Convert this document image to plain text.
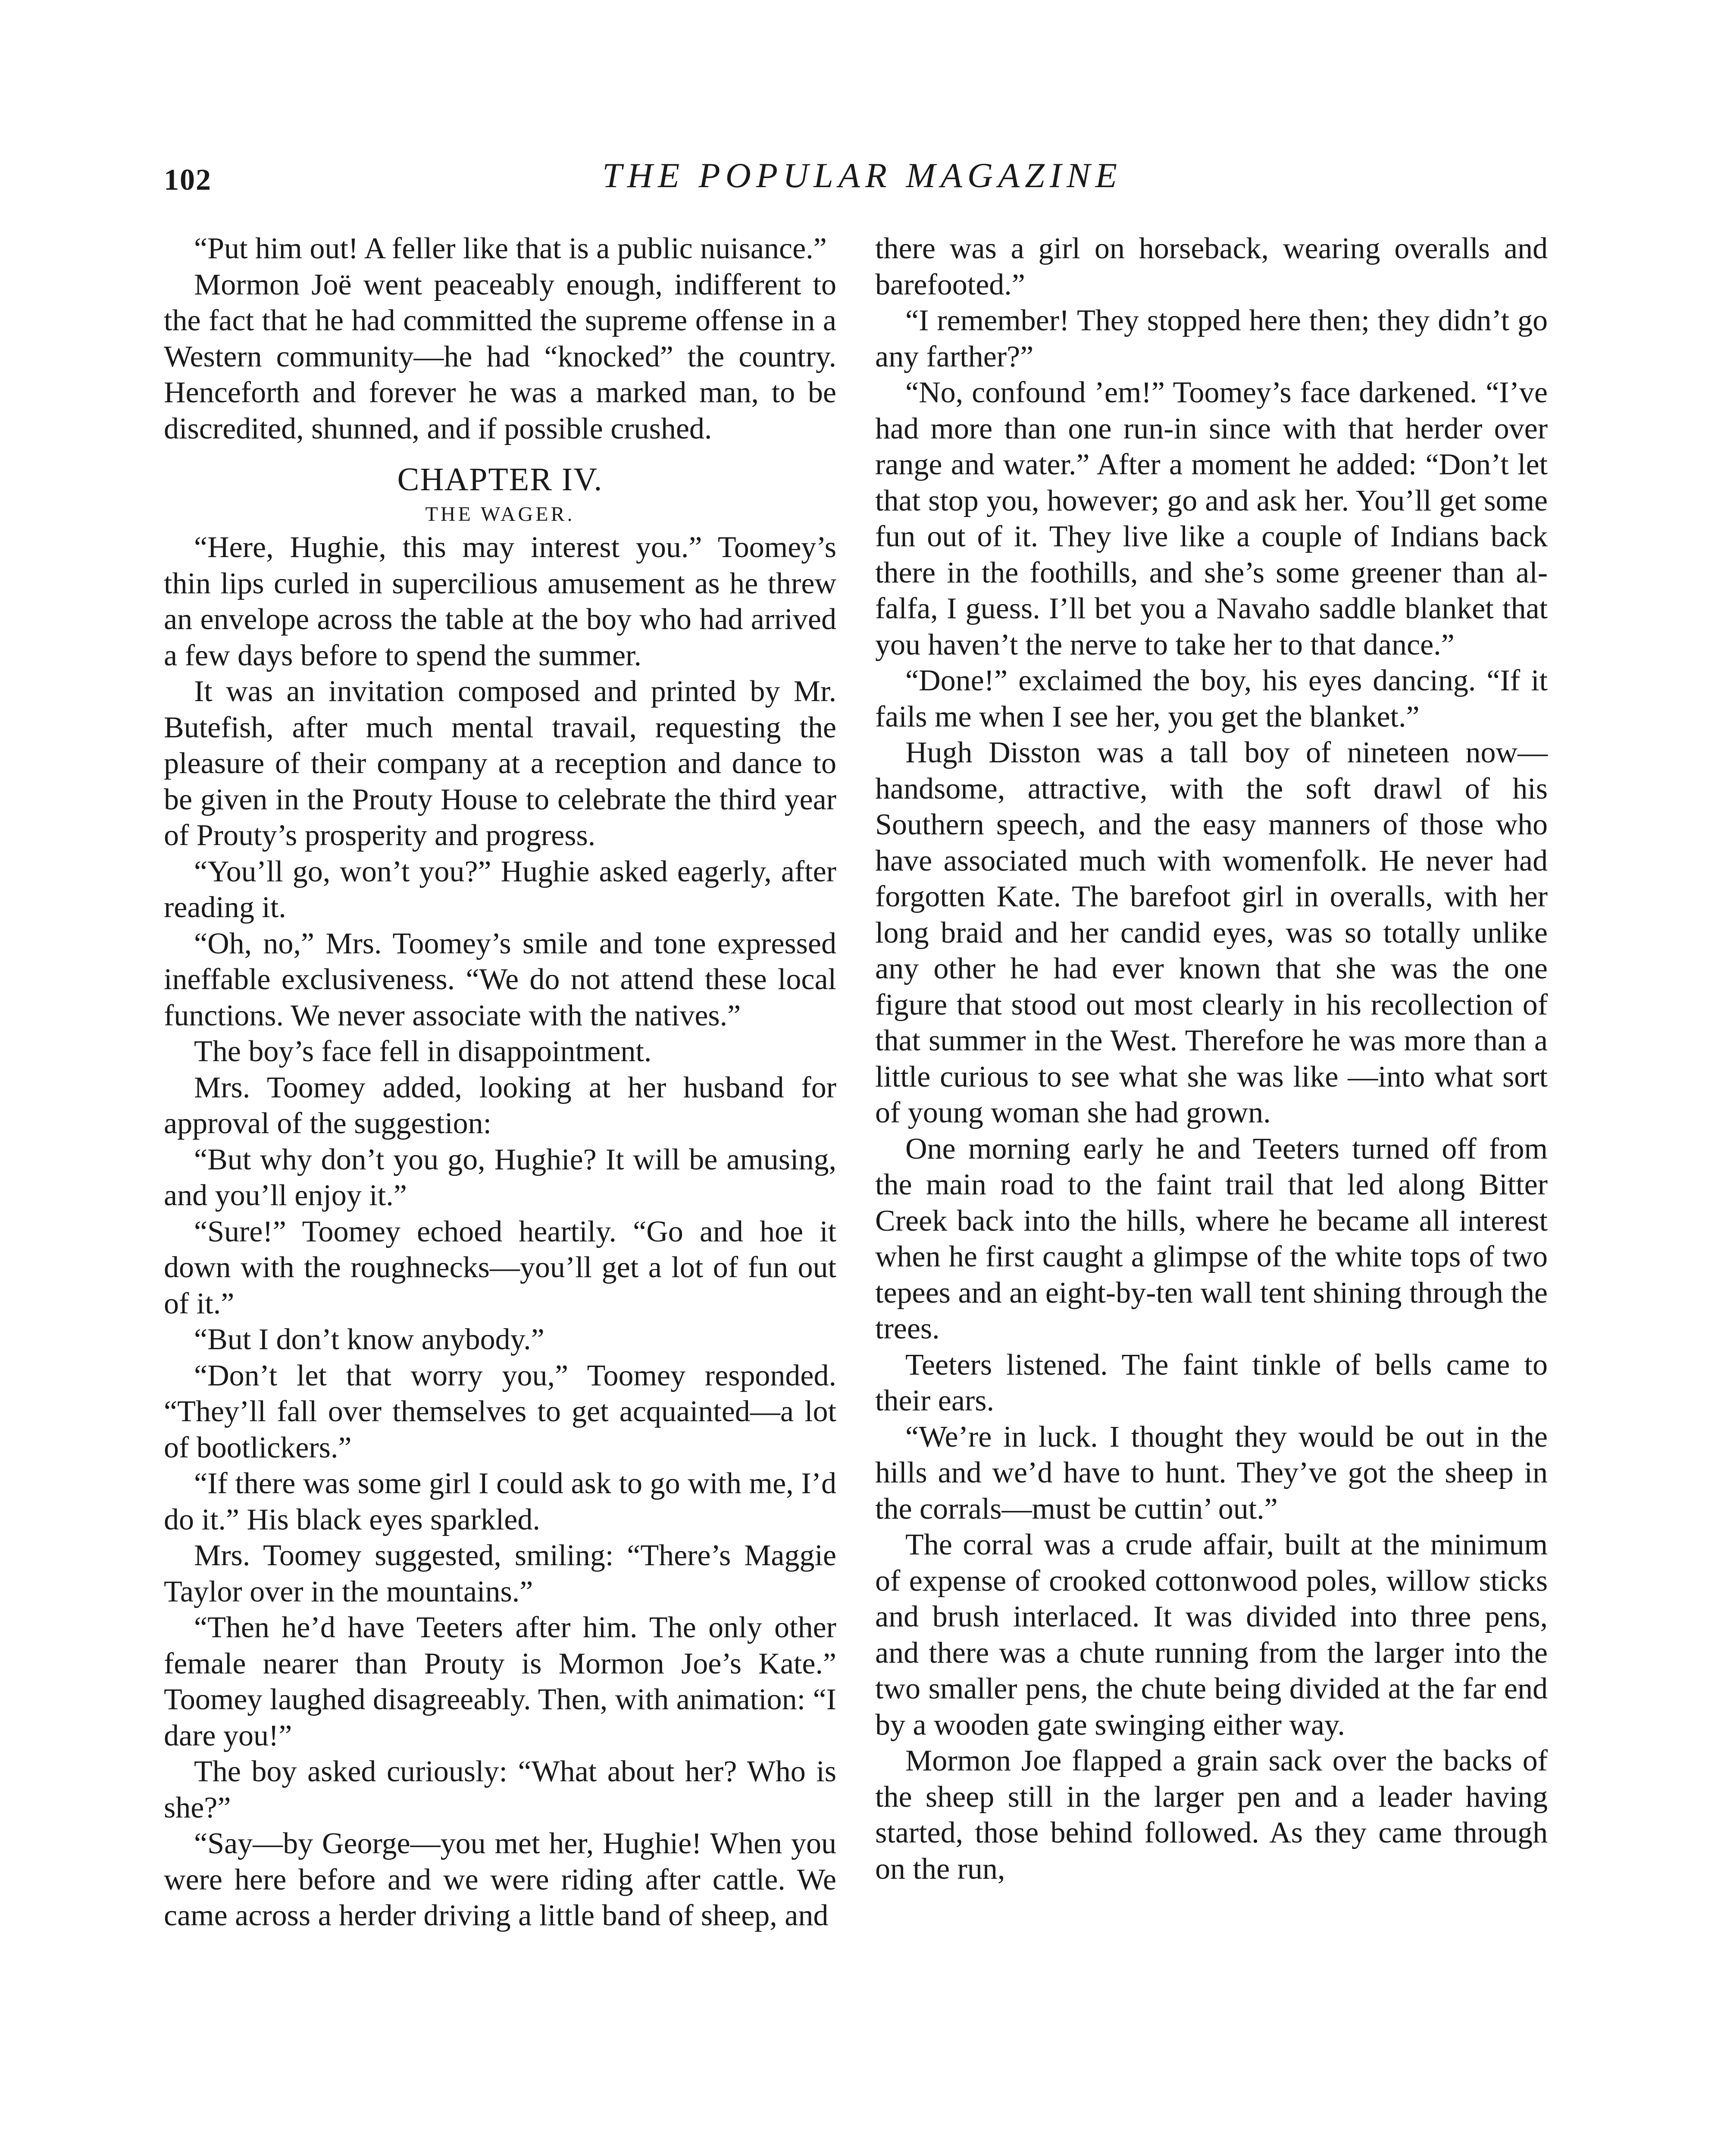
102	THE POPULAR MAGAZINE

“Put him out! A feller like that is a public nuisance.”

Mormon Joë went peaceably enough, indifferent to the fact that he had committed the supreme offense in a Western community—he had “knocked” the country. Henceforth and forever he was a marked man, to be discredited, shunned, and if possible crushed.

CHAPTER IV.

THE WAGER.

“Here, Hughie, this may interest you.” Toomey’s thin lips curled in supercilious amusement as he threw an envelope across the table at the boy who had arrived a few days before to spend the summer.

It was an invitation composed and printed by Mr. Butefish, after much mental travail, requesting the pleasure of their company at a reception and dance to be given in the Prouty House to celebrate the third year of Prouty’s prosperity and progress.

“You’ll go, won’t you?” Hughie asked eagerly, after reading it.

“Oh, no,” Mrs. Toomey’s smile and tone expressed ineffable exclusiveness. “We do not attend these local functions. We never associate with the natives.”

The boy’s face fell in disappointment.

Mrs. Toomey added, looking at her husband for approval of the suggestion:

“But why don’t you go, Hughie? It will be amusing, and you’ll enjoy it.”

“Sure!” Toomey echoed heartily. “Go and hoe it down with the roughnecks—you’ll get a lot of fun out of it.”

“But I don’t know anybody.”

“Don’t let that worry you,” Toomey responded. “They’ll fall over themselves to get acquainted—a lot of bootlickers.”

“If there was some girl I could ask to go with me, I’d do it.” His black eyes sparkled.

Mrs. Toomey suggested, smiling: “There’s Maggie Taylor over in the mountains.”

“Then he’d have Teeters after him. The only other female nearer than Prouty is Mormon Joe’s Kate.” Toomey laughed disagreeably. Then, with animation: “I dare you!”

The boy asked curiously: “What about her? Who is she?”

“Say—by George—you met her, Hughie! When you were here before and we were riding after cattle. We came across a herder driving a little band of sheep, and

there was a girl on horseback, wearing overalls and barefooted.”

“I remember! They stopped here then; they didn’t go any farther?”

“No, confound ’em!” Toomey’s face darkened. “I’ve had more than one run-in since with that herder over range and water.” After a moment he added: “Don’t let that stop you, however; go and ask her. You’ll get some fun out of it. They live like a couple of Indians back there in the foothills, and she’s some greener than alfalfa, I guess. I’ll bet you a Navaho saddle blanket that you haven’t the nerve to take her to that dance.”

“Done!” exclaimed the boy, his eyes dancing. “If it fails me when I see her, you get the blanket.”

Hugh Disston was a tall boy of nineteen now—handsome, attractive, with the soft drawl of his Southern speech, and the easy manners of those who have associated much with womenfolk. He never had forgotten Kate. The barefoot girl in overalls, with her long braid and her candid eyes, was so totally unlike any other he had ever known that she was the one figure that stood out most clearly in his recollection of that summer in the West. Therefore he was more than a little curious to see what she was like —into what sort of young woman she had grown.

One morning early he and Teeters turned off from the main road to the faint trail that led along Bitter Creek back into the hills, where he became all interest when he first caught a glimpse of the white tops of two tepees and an eight-by-ten wall tent shining through the trees.

Teeters listened. The faint tinkle of bells came to their ears.

“We’re in luck. I thought they would be out in the hills and we’d have to hunt. They’ve got the sheep in the corrals—must be cuttin’ out.”

The corral was a crude affair, built at the minimum of expense of crooked cottonwood poles, willow sticks and brush interlaced. It was divided into three pens, and there was a chute running from the larger into the two smaller pens, the chute being divided at the far end by a wooden gate swinging either way.

Mormon Joe flapped a grain sack over the backs of the sheep still in the larger pen and a leader having started, those behind followed. As they came through on the run,
